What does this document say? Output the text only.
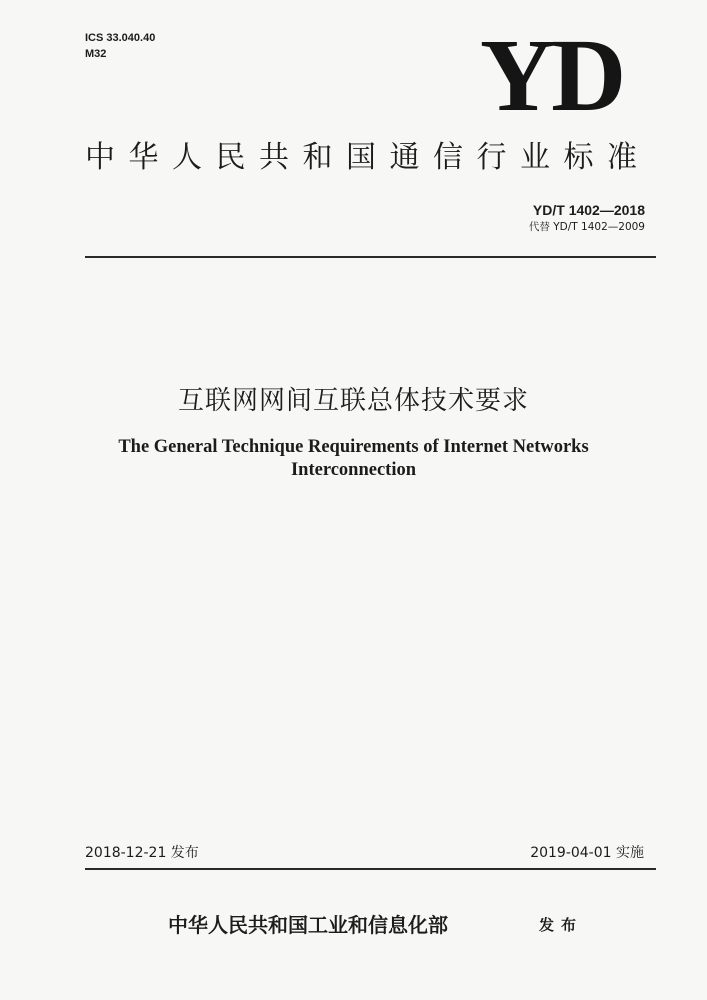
ICS 33.040.40
M32	YD
中华人民共和国通信行业标准
YD/T 1402—2018
代替 YD/T 1402—2009
互联网网间互联总体技术要求
The General Technique Requirements of Internet Networks
Interconnection
2018-12-21 发布	2019-04-01 实施
中华人民共和国工业和信息化部	发布
